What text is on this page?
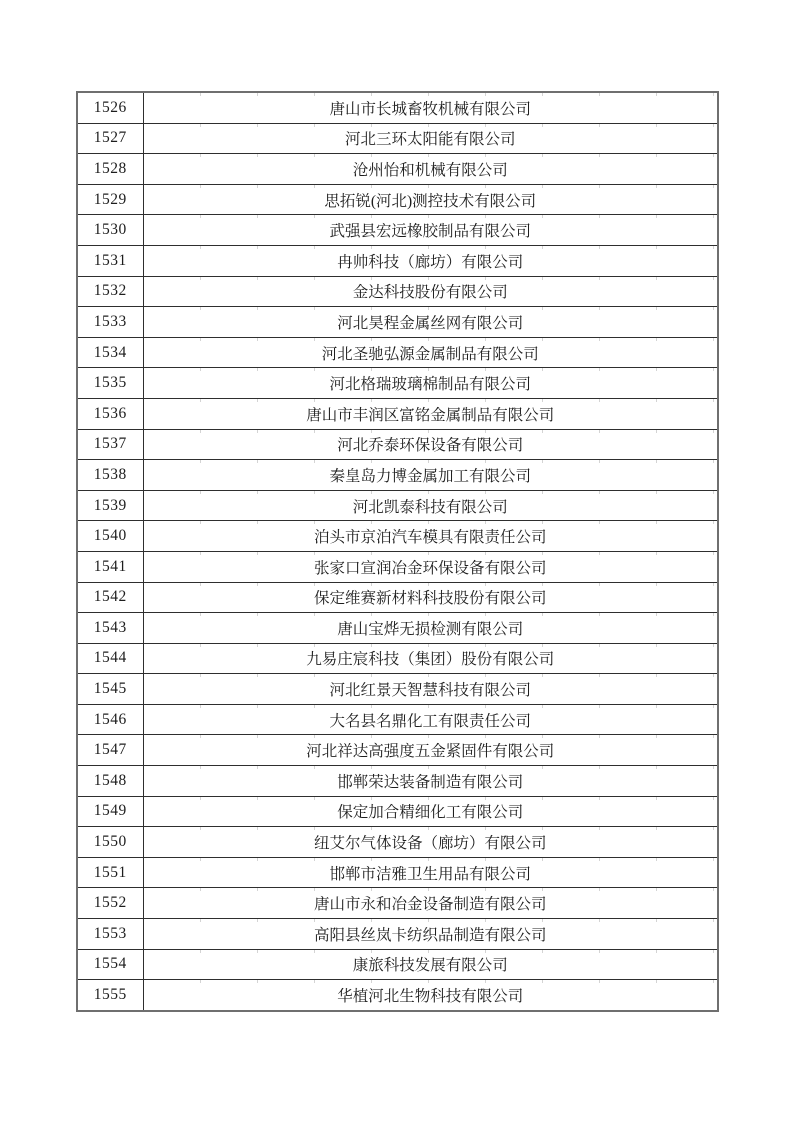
1526	唐山市长城畜牧机械有限公司
1527	河北三环太阳能有限公司
1528	沧州怡和机械有限公司
1529	思拓锐(河北)测控技术有限公司
1530	武强县宏远橡胶制品有限公司
1531	冉帅科技（廊坊）有限公司
1532	金达科技股份有限公司
1533	河北昊程金属丝网有限公司
1534	河北圣驰弘源金属制品有限公司
1535	河北格瑞玻璃棉制品有限公司
1536	唐山市丰润区富铭金属制品有限公司
1537	河北乔泰环保设备有限公司
1538	秦皇岛力博金属加工有限公司
1539	河北凯泰科技有限公司
1540	泊头市京泊汽车模具有限责任公司
1541	张家口宣润冶金环保设备有限公司
1542	保定维赛新材料科技股份有限公司
1543	唐山宝烨无损检测有限公司
1544	九易庄宸科技（集团）股份有限公司
1545	河北红景天智慧科技有限公司
1546	大名县名鼎化工有限责任公司
1547	河北祥达高强度五金紧固件有限公司
1548	邯郸荣达装备制造有限公司
1549	保定加合精细化工有限公司
1550	纽艾尔气体设备（廊坊）有限公司
1551	邯郸市洁雅卫生用品有限公司
1552	唐山市永和冶金设备制造有限公司
1553	高阳县丝岚卡纺织品制造有限公司
1554	康旅科技发展有限公司
1555	华植河北生物科技有限公司
